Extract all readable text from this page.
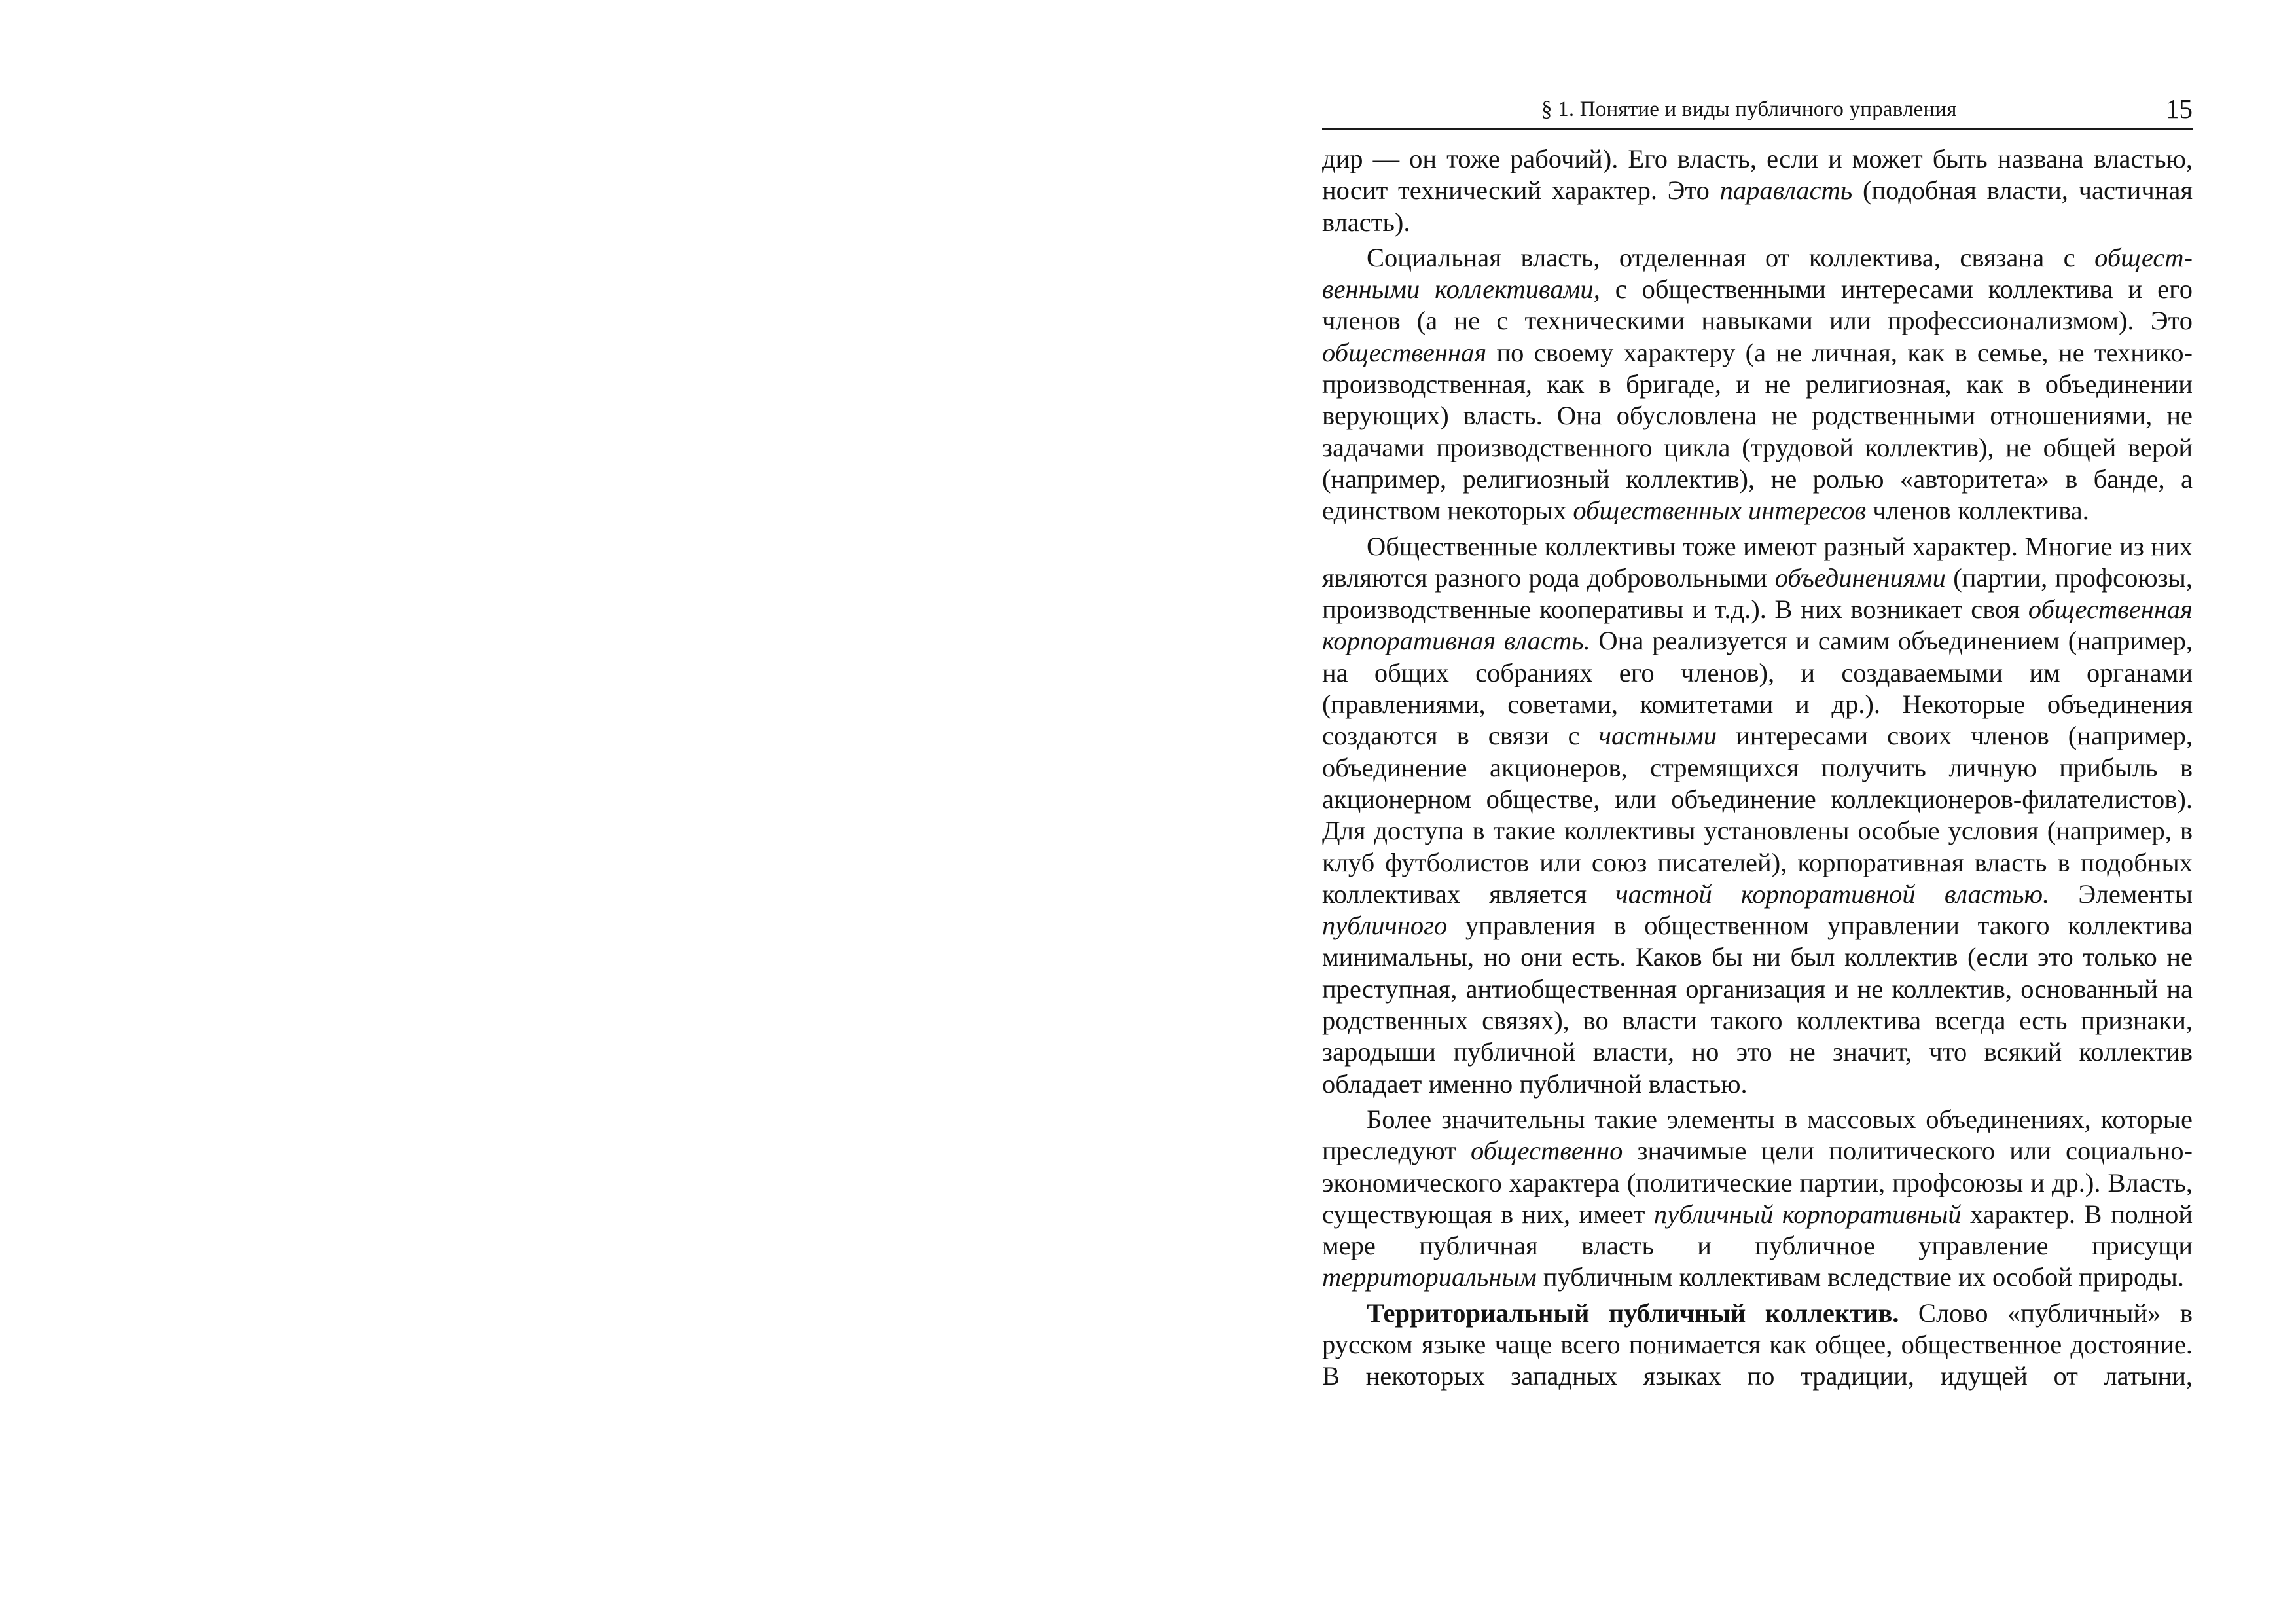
§ 1. Понятие и виды публичного управления	15

дир — он тоже рабочий). Его власть, если и может быть названа властью, носит технический характер. Это паравласть (подобная власти, частичная власть).

Социальная власть, отделенная от коллектива, связана с общественными коллективами, с общественными интересами коллектива и его членов (а не с техническими навыками или профессионализмом). Это общественная по своему характеру (а не личная, как в семье, не технико-производственная, как в бригаде, и не религиозная, как в объединении верующих) власть. Она обусловлена не родственными отношениями, не задачами производственного цикла (трудовой коллектив), не общей верой (например, религиозный коллектив), не ролью «авторитета» в банде, а единством некоторых общественных интересов членов коллектива.

Общественные коллективы тоже имеют разный характер. Многие из них являются разного рода добровольными объединениями (партии, профсоюзы, производственные кооперативы и т.д.). В них возникает своя общественная корпоративная власть. Она реализуется и самим объединением (например, на общих собраниях его членов), и создаваемыми им органами (правлениями, советами, комитетами и др.). Некоторые объединения создаются в связи с частными интересами своих членов (например, объединение акционеров, стремящихся получить личную прибыль в акционерном обществе, или объединение коллекционеров-филателистов). Для доступа в такие коллективы установлены особые условия (например, в клуб футболистов или союз писателей), корпоративная власть в подобных коллективах является частной корпоративной властью. Элементы публичного управления в общественном управлении такого коллектива минимальны, но они есть. Каков бы ни был коллектив (если это только не преступная, антиобщественная организация и не коллектив, основанный на родственных связях), во власти такого коллектива всегда есть признаки, зародыши публичной власти, но это не значит, что всякий коллектив обладает именно публичной властью.

Более значительны такие элементы в массовых объединениях, которые преследуют общественно значимые цели политического или социально-экономического характера (политические партии, профсоюзы и др.). Власть, существующая в них, имеет публичный корпоративный характер. В полной мере публичная власть и публичное управление присущи территориальным публичным коллективам вследствие их особой природы.

Территориальный публичный коллектив. Слово «публичный» в русском языке чаще всего понимается как общее, общественное достояние. В некоторых западных языках по традиции, идущей от латыни,
